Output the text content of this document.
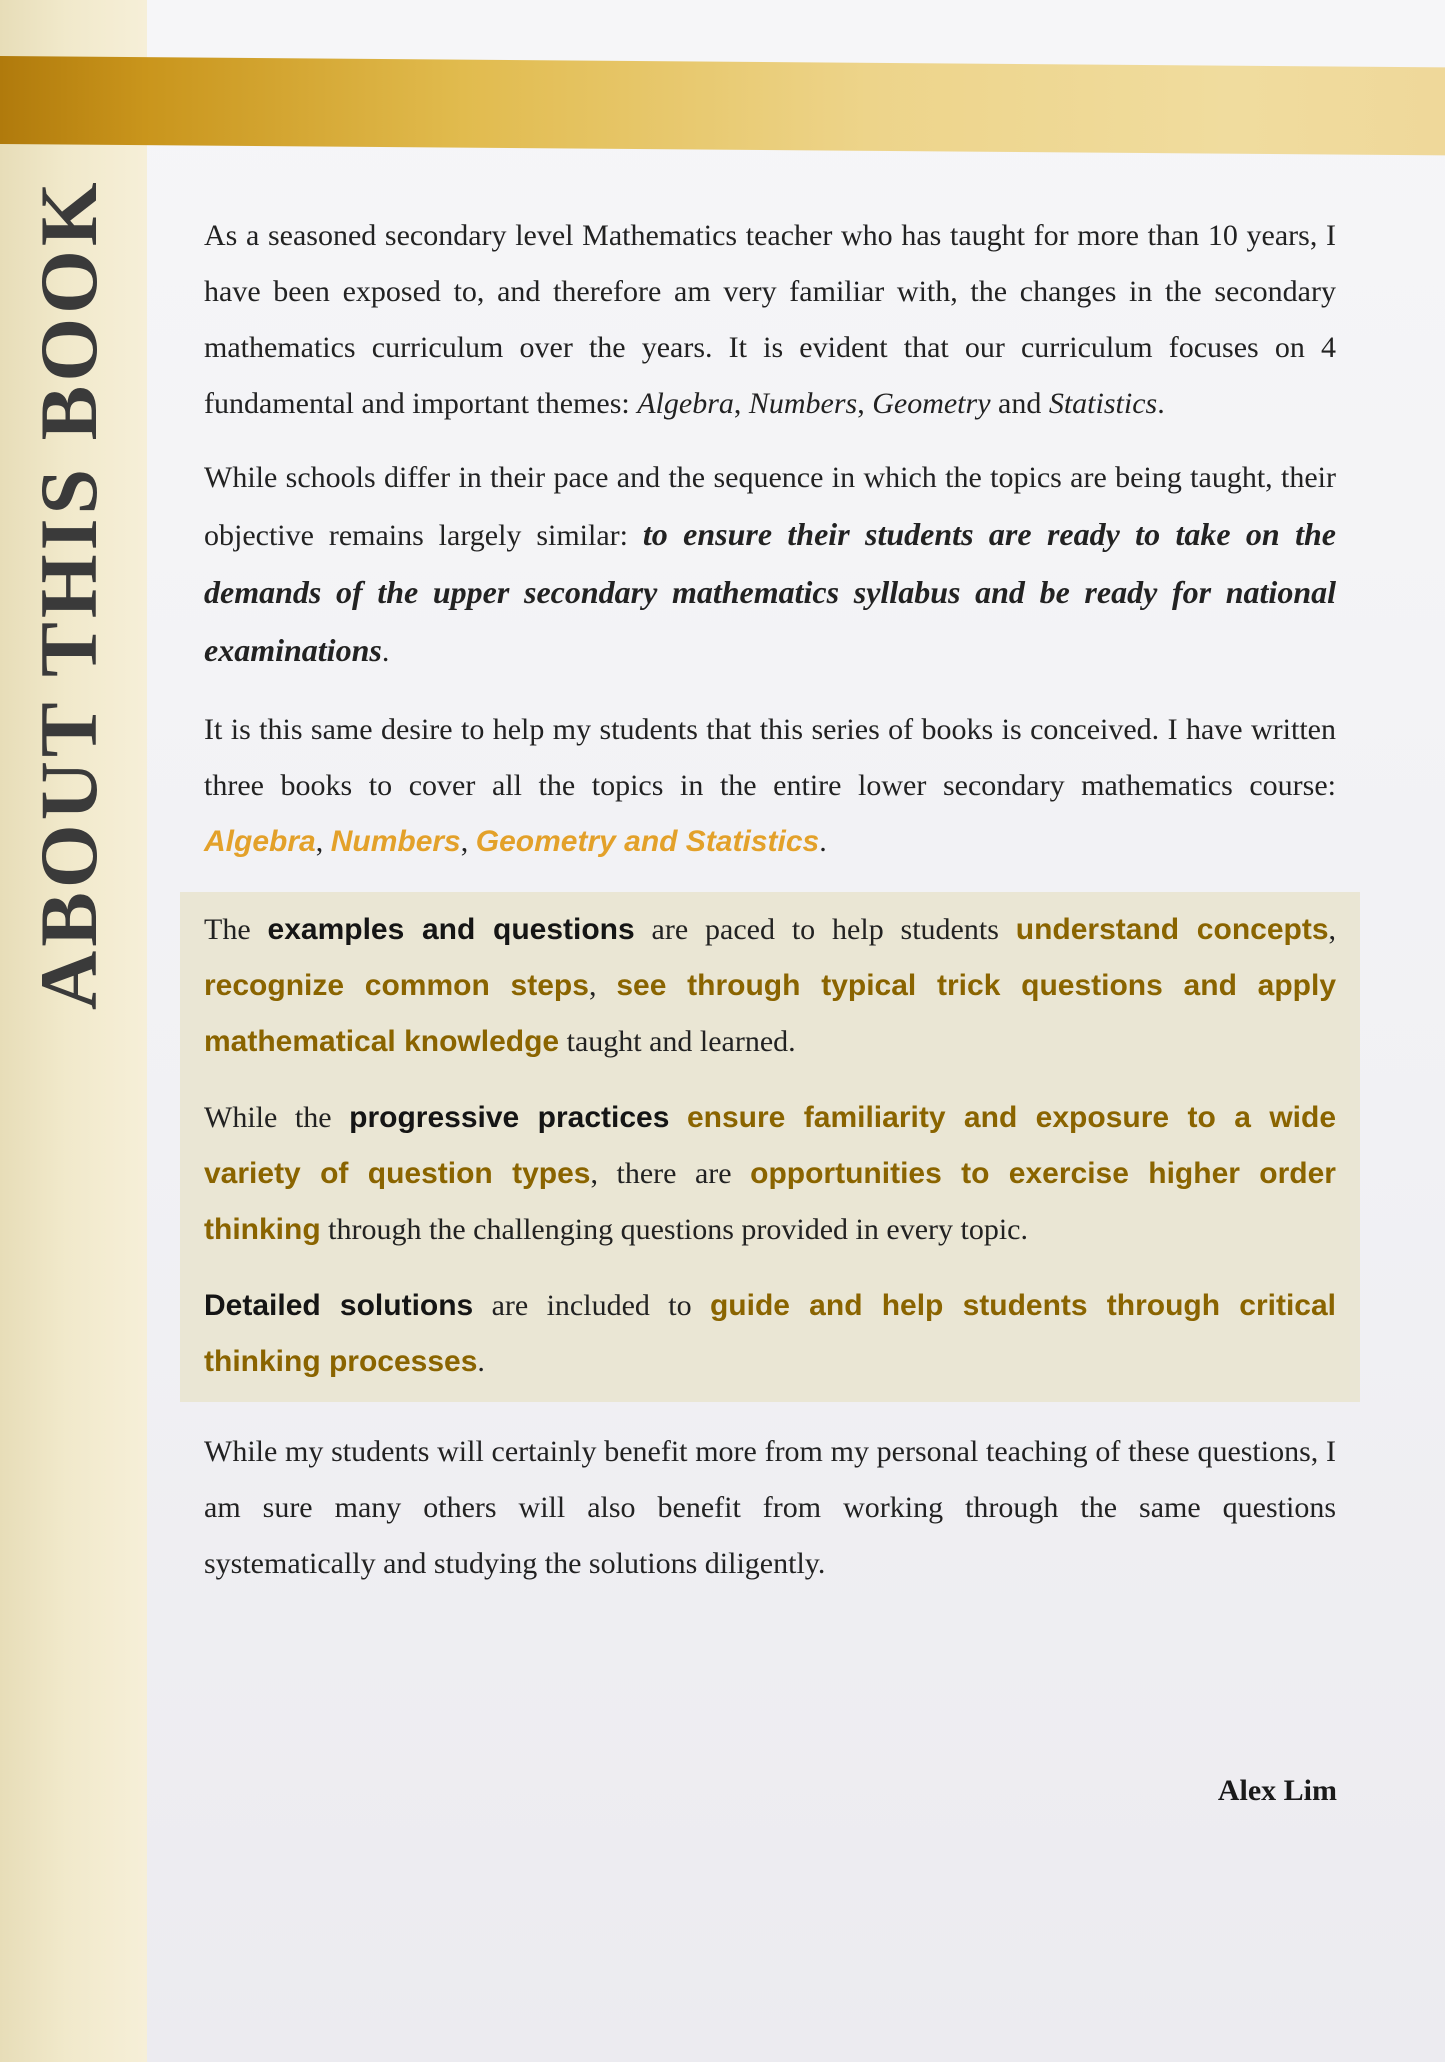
ABOUT THIS BOOK	As a seasoned secondary level Mathematics teacher who has taught for more than 10 years, I have been exposed to, and therefore am very familiar with, the changes in the secondary mathematics curriculum over the years. It is evident that our curriculum focuses on 4 fundamental and important themes: Algebra, Numbers, Geometry and Statistics.

While schools differ in their pace and the sequence in which the topics are being taught, their objective remains largely similar: to ensure their students are ready to take on the demands of the upper secondary mathematics syllabus and be ready for national examinations.

It is this same desire to help my students that this series of books is conceived. I have written three books to cover all the topics in the entire lower secondary mathematics course: Algebra, Numbers, Geometry and Statistics.

The examples and questions are paced to help students understand concepts, recognize common steps, see through typical trick questions and apply mathematical knowledge taught and learned.

While the progressive practices ensure familiarity and exposure to a wide variety of question types, there are opportunities to exercise higher order thinking through the challenging questions provided in every topic.

Detailed solutions are included to guide and help students through critical thinking processes.

While my students will certainly benefit more from my personal teaching of these questions, I am sure many others will also benefit from working through the same questions systematically and studying the solutions diligently.

Alex Lim
